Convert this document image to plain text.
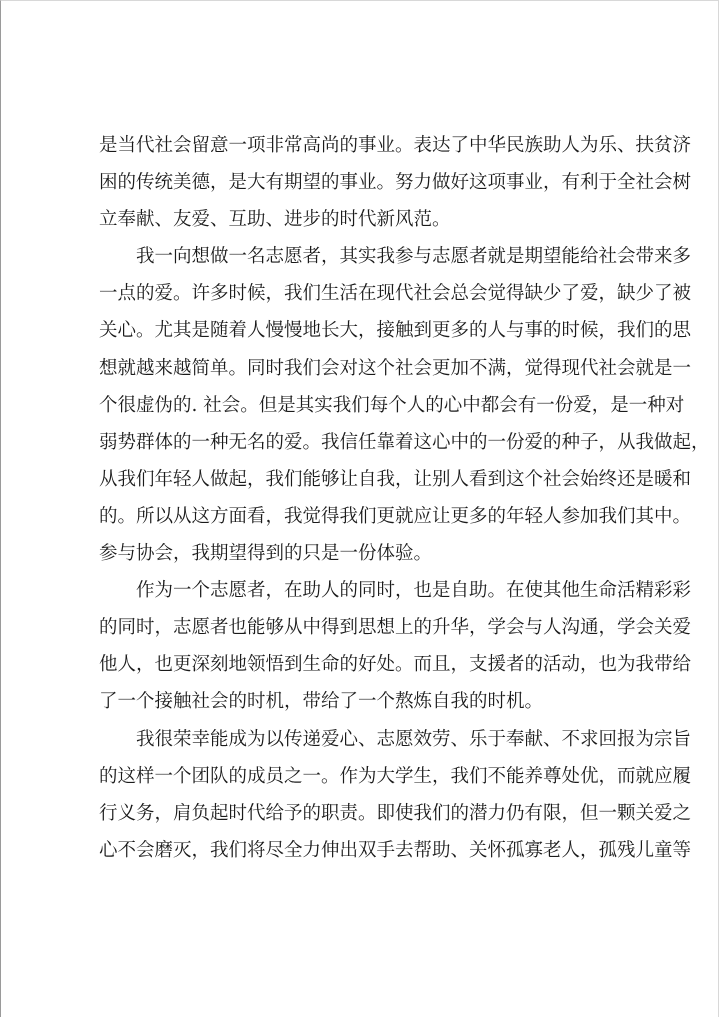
是当代社会留意一项非常高尚的事业。表达了中华民族助人为乐、扶贫济
困的传统美德，是大有期望的事业。努力做好这项事业，有利于全社会树
立奉献、友爱、互助、进步的时代新风范。

我一向想做一名志愿者，其实我参与志愿者就是期望能给社会带来多
一点的爱。许多时候，我们生活在现代社会总会觉得缺少了爱，缺少了被
关心。尤其是随着人慢慢地长大，接触到更多的人与事的时候，我们的思
想就越来越简单。同时我们会对这个社会更加不满，觉得现代社会就是一
个很虚伪的. 社会。但是其实我们每个人的心中都会有一份爱，是一种对
弱势群体的一种无名的爱。我信任靠着这心中的一份爱的种子，从我做起，
从我们年轻人做起，我们能够让自我，让别人看到这个社会始终还是暖和
的。所以从这方面看，我觉得我们更就应让更多的年轻人参加我们其中。
参与协会，我期望得到的只是一份体验。

作为一个志愿者，在助人的同时，也是自助。在使其他生命活精彩彩
的同时，志愿者也能够从中得到思想上的升华，学会与人沟通，学会关爱
他人，也更深刻地领悟到生命的好处。而且，支援者的活动，也为我带给
了一个接触社会的时机，带给了一个熬炼自我的时机。

我很荣幸能成为以传递爱心、志愿效劳、乐于奉献、不求回报为宗旨
的这样一个团队的成员之一。作为大学生，我们不能养尊处优，而就应履
行义务，肩负起时代给予的职责。即使我们的潜力仍有限，但一颗关爱之
心不会磨灭，我们将尽全力伸出双手去帮助、关怀孤寡老人，孤残儿童等
